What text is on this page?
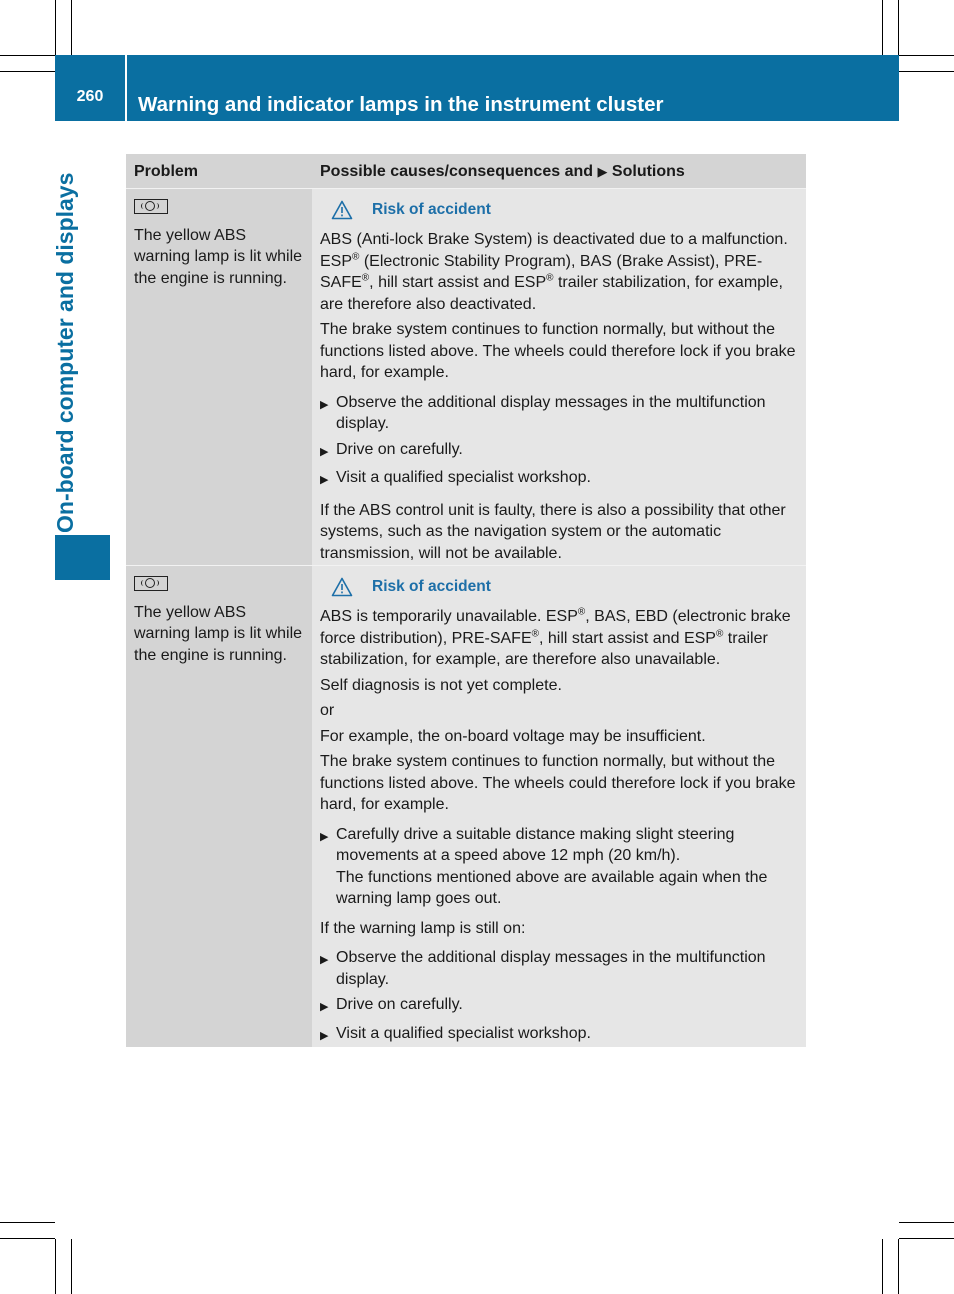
260	Warning and indicator lamps in the instrument cluster
On-board computer and displays
Problem	Possible causes/consequences and ▶ Solutions
The yellow ABS warning lamp is lit while the engine is running.
Risk of accident

ABS (Anti-lock Brake System) is deactivated due to a malfunction. ESP® (Electronic Stability Program), BAS (Brake Assist), PRE-SAFE®, hill start assist and ESP® trailer stabilization, for example, are therefore also deactivated.

The brake system continues to function normally, but without the functions listed above. The wheels could therefore lock if you brake hard, for example.

▶ Observe the additional display messages in the multifunction display.
▶ Drive on carefully.
▶ Visit a qualified specialist workshop.

If the ABS control unit is faulty, there is also a possibility that other systems, such as the navigation system or the automatic transmission, will not be available.

The yellow ABS warning lamp is lit while the engine is running.
Risk of accident

ABS is temporarily unavailable. ESP®, BAS, EBD (electronic brake force distribution), PRE-SAFE®, hill start assist and ESP® trailer stabilization, for example, are therefore also unavailable.

Self diagnosis is not yet complete.

or

For example, the on-board voltage may be insufficient.

The brake system continues to function normally, but without the functions listed above. The wheels could therefore lock if you brake hard, for example.

▶ Carefully drive a suitable distance making slight steering movements at a speed above 12 mph (20 km/h).
The functions mentioned above are available again when the warning lamp goes out.

If the warning lamp is still on:

▶ Observe the additional display messages in the multifunction display.
▶ Drive on carefully.
▶ Visit a qualified specialist workshop.
